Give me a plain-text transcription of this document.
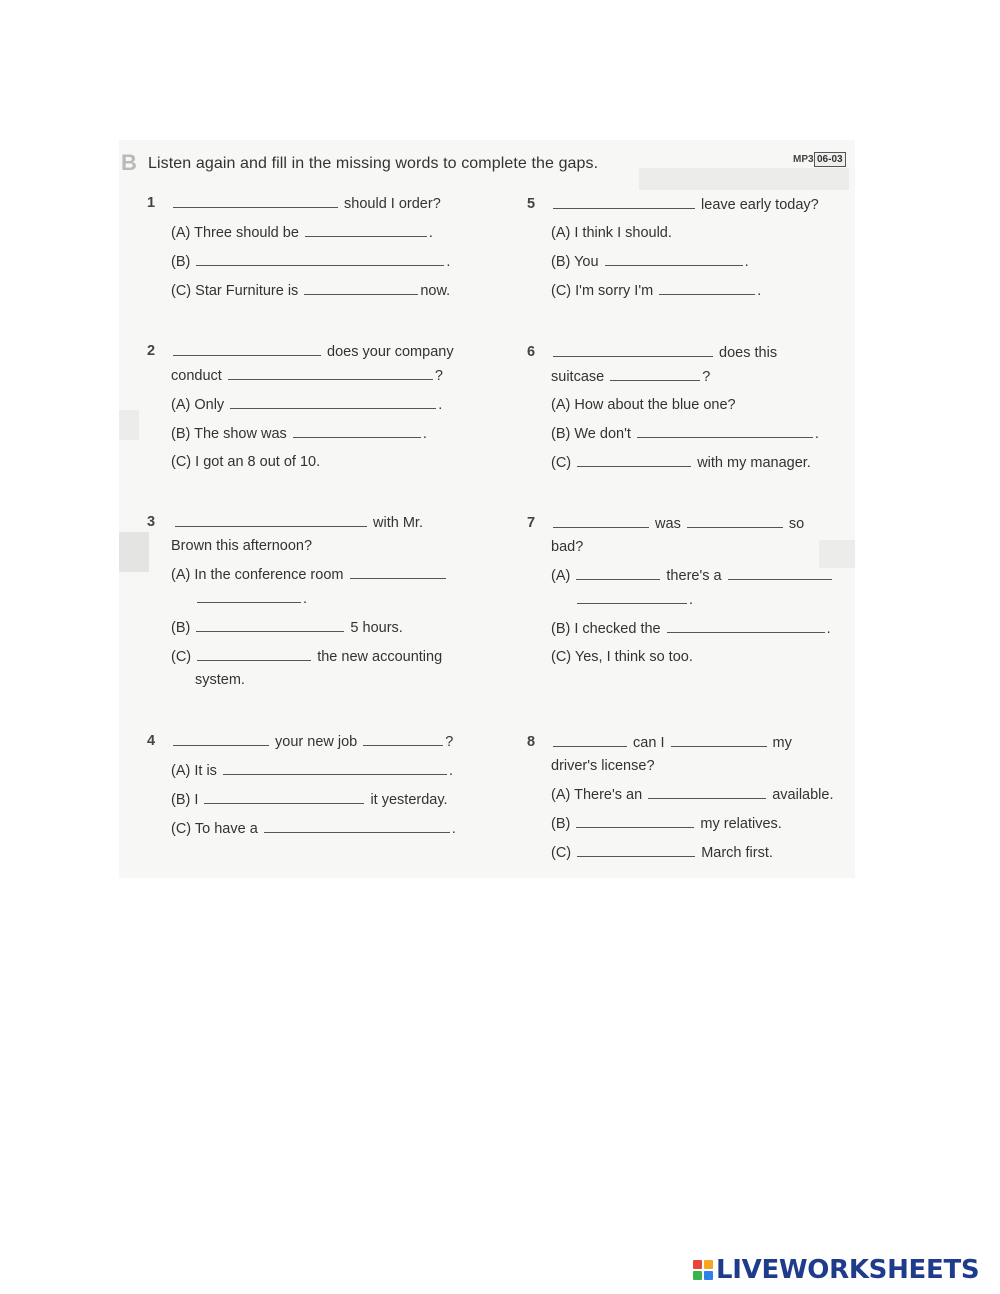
B Listen again and fill in the missing words to complete the gaps.	MP3 06-03
1	should I order?
(A) Three should be	.
(B)	.
(C) Star Furniture is	now.
2	does your company
conduct	?
(A) Only	.
(B) The show was	.
(C) I got an 8 out of 10.
3	with Mr.
Brown this afternoon?
(A) In the conference room
.
(B)	5 hours.
(C)	the new accounting
system.
4	your new job	?
(A) It is	.
(B) I	it yesterday.
(C) To have a	.
5	leave early today?
(A) I think I should.
(B) You	.
(C) I'm sorry I'm	.
6	does this
suitcase	?
(A) How about the blue one?
(B) We don't	.
(C)	with my manager.
7	was	so
bad?
(A)	there's a
.
(B) I checked the	.
(C) Yes, I think so too.
8	can I	my
driver's license?
(A) There's an	available.
(B)	my relatives.
(C)	March first.
LIVEWORKSHEETS
